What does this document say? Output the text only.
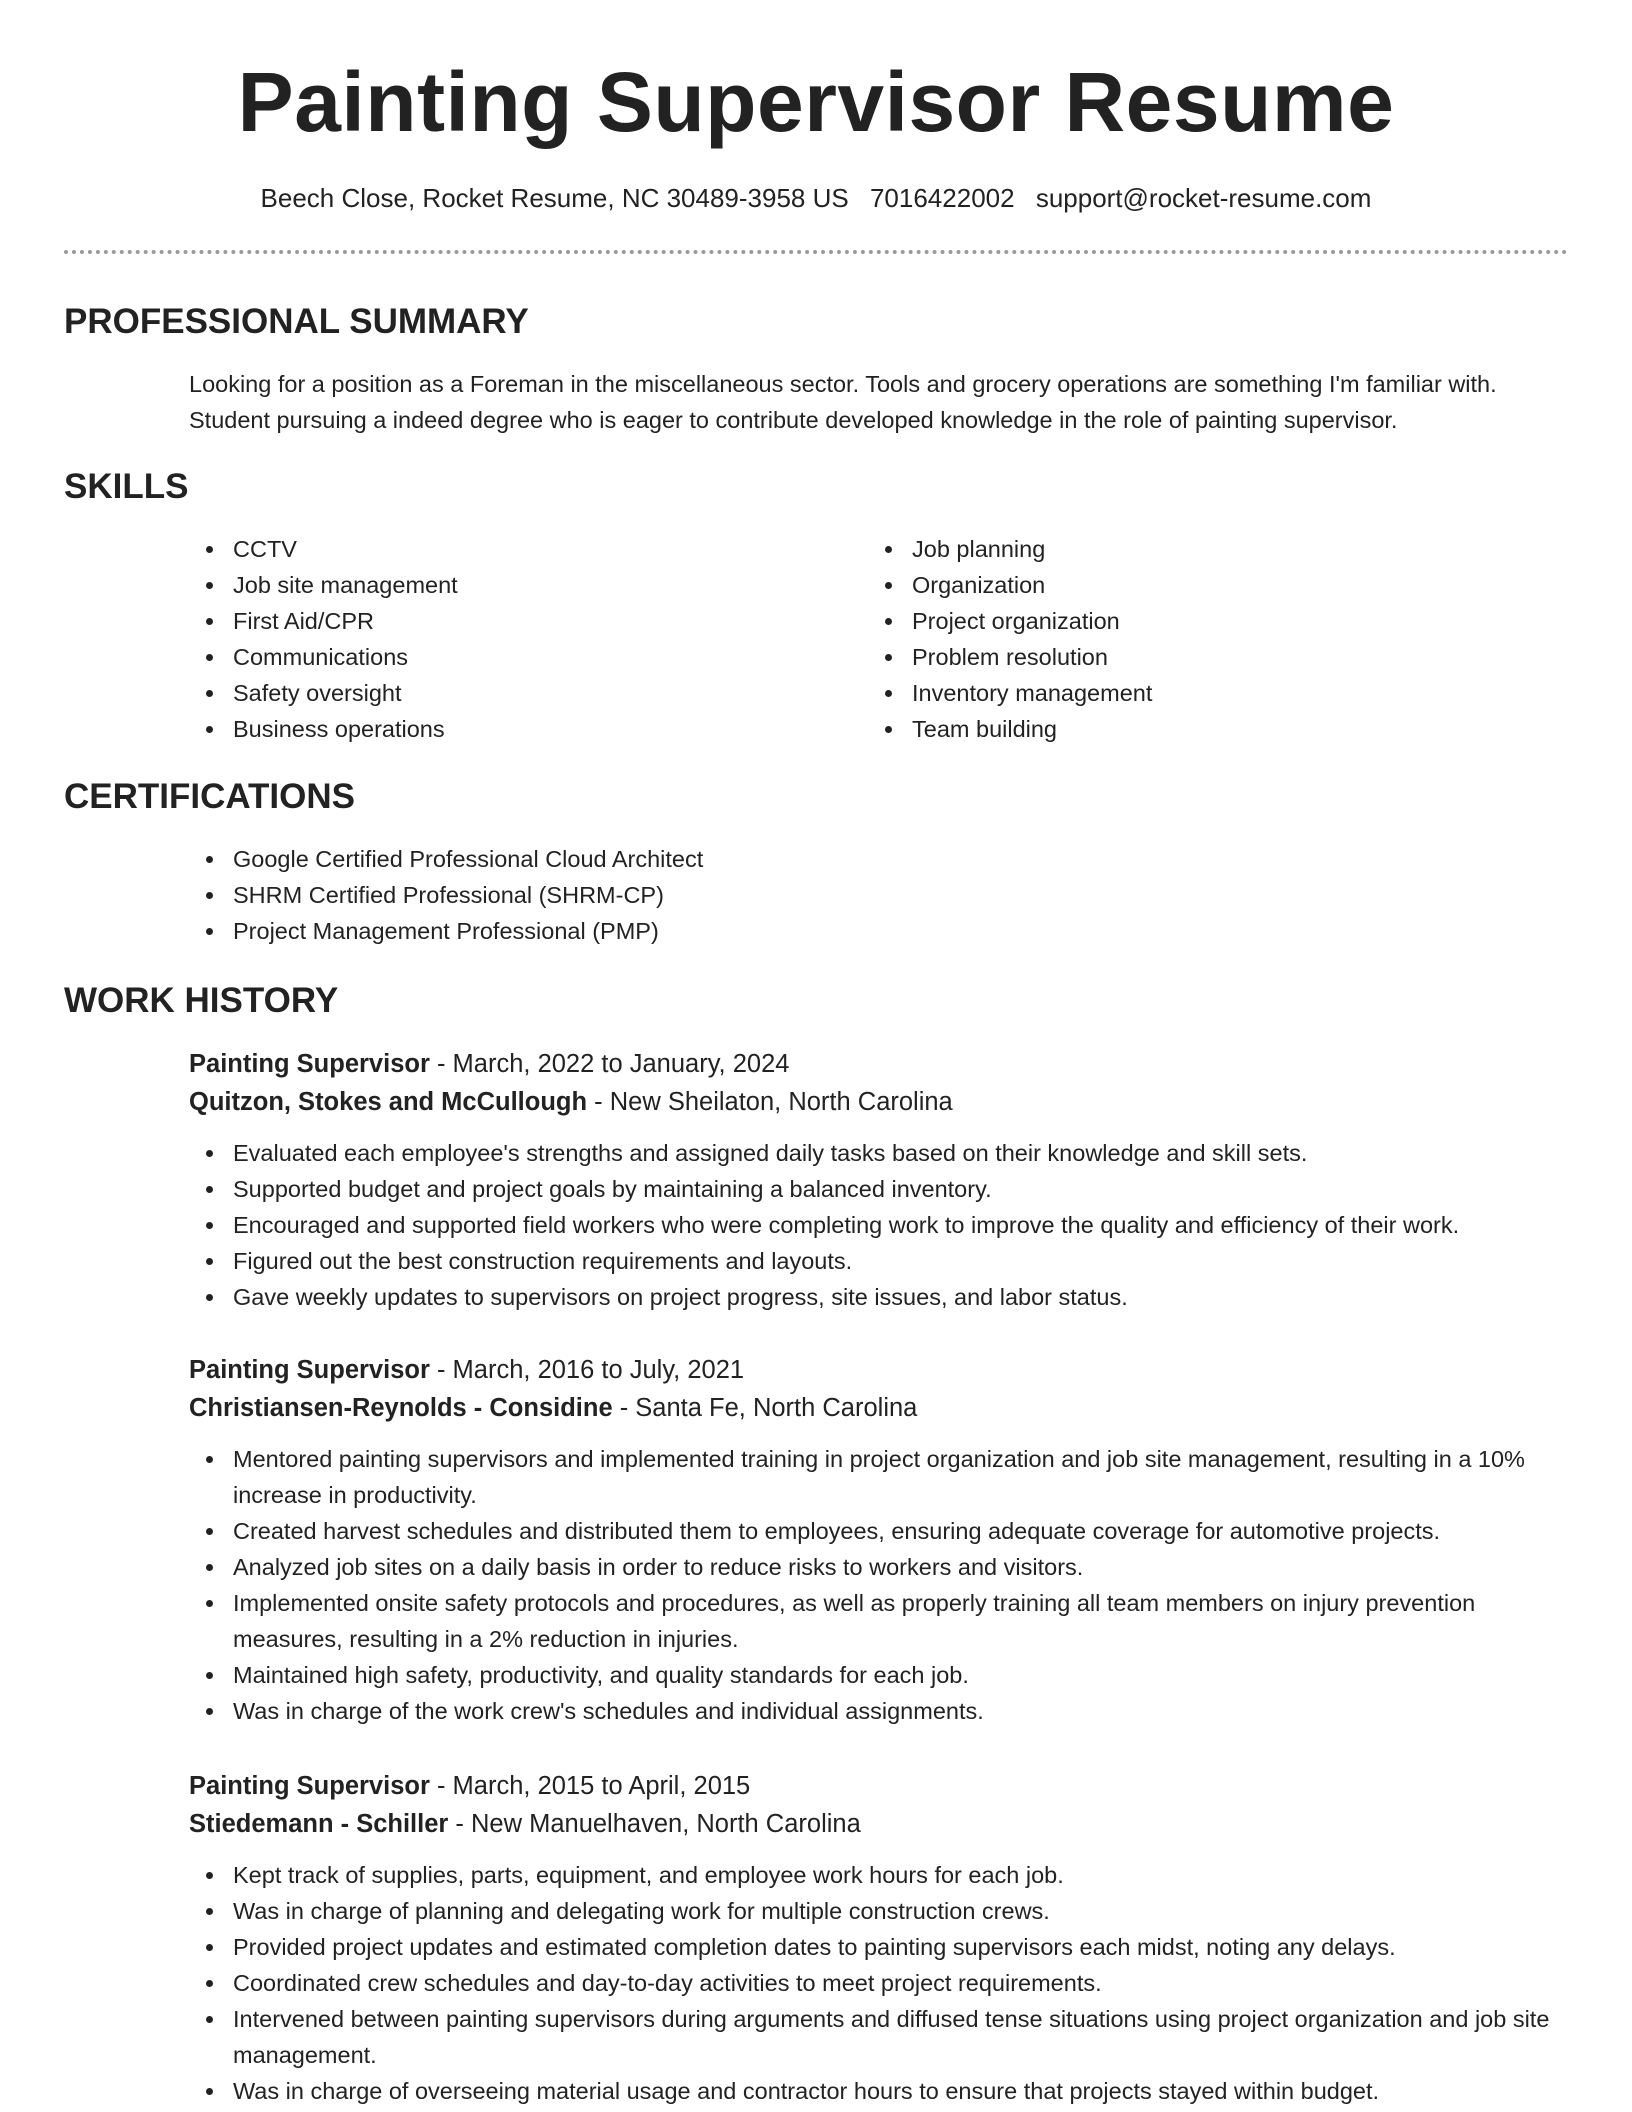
Painting Supervisor Resume
Beech Close, Rocket Resume, NC 30489-3958 US 7016422002 support@rocket-resume.com
PROFESSIONAL SUMMARY

Looking for a position as a Foreman in the miscellaneous sector. Tools and grocery operations are something I'm familiar with. Student pursuing a indeed degree who is eager to contribute developed knowledge in the role of painting supervisor.

SKILLS
CCTV
Job site management
First Aid/CPR
Communications
Safety oversight
Business operations
Job planning
Organization
Project organization
Problem resolution
Inventory management
Team building
CERTIFICATIONS
Google Certified Professional Cloud Architect
SHRM Certified Professional (SHRM-CP)
Project Management Professional (PMP)
WORK HISTORY
Painting Supervisor - March, 2022 to January, 2024
Quitzon, Stokes and McCullough - New Sheilaton, North Carolina
Evaluated each employee's strengths and assigned daily tasks based on their knowledge and skill sets.
Supported budget and project goals by maintaining a balanced inventory.
Encouraged and supported field workers who were completing work to improve the quality and efficiency of their work.
Figured out the best construction requirements and layouts.
Gave weekly updates to supervisors on project progress, site issues, and labor status.
Painting Supervisor - March, 2016 to July, 2021
Christiansen-Reynolds - Considine - Santa Fe, North Carolina
Mentored painting supervisors and implemented training in project organization and job site management, resulting in a 10% increase in productivity.
Created harvest schedules and distributed them to employees, ensuring adequate coverage for automotive projects.
Analyzed job sites on a daily basis in order to reduce risks to workers and visitors.
Implemented onsite safety protocols and procedures, as well as properly training all team members on injury prevention measures, resulting in a 2% reduction in injuries.
Maintained high safety, productivity, and quality standards for each job.
Was in charge of the work crew's schedules and individual assignments.
Painting Supervisor - March, 2015 to April, 2015
Stiedemann - Schiller - New Manuelhaven, North Carolina
Kept track of supplies, parts, equipment, and employee work hours for each job.
Was in charge of planning and delegating work for multiple construction crews.
Provided project updates and estimated completion dates to painting supervisors each midst, noting any delays.
Coordinated crew schedules and day-to-day activities to meet project requirements.
Intervened between painting supervisors during arguments and diffused tense situations using project organization and job site management.
Was in charge of overseeing material usage and contractor hours to ensure that projects stayed within budget.
